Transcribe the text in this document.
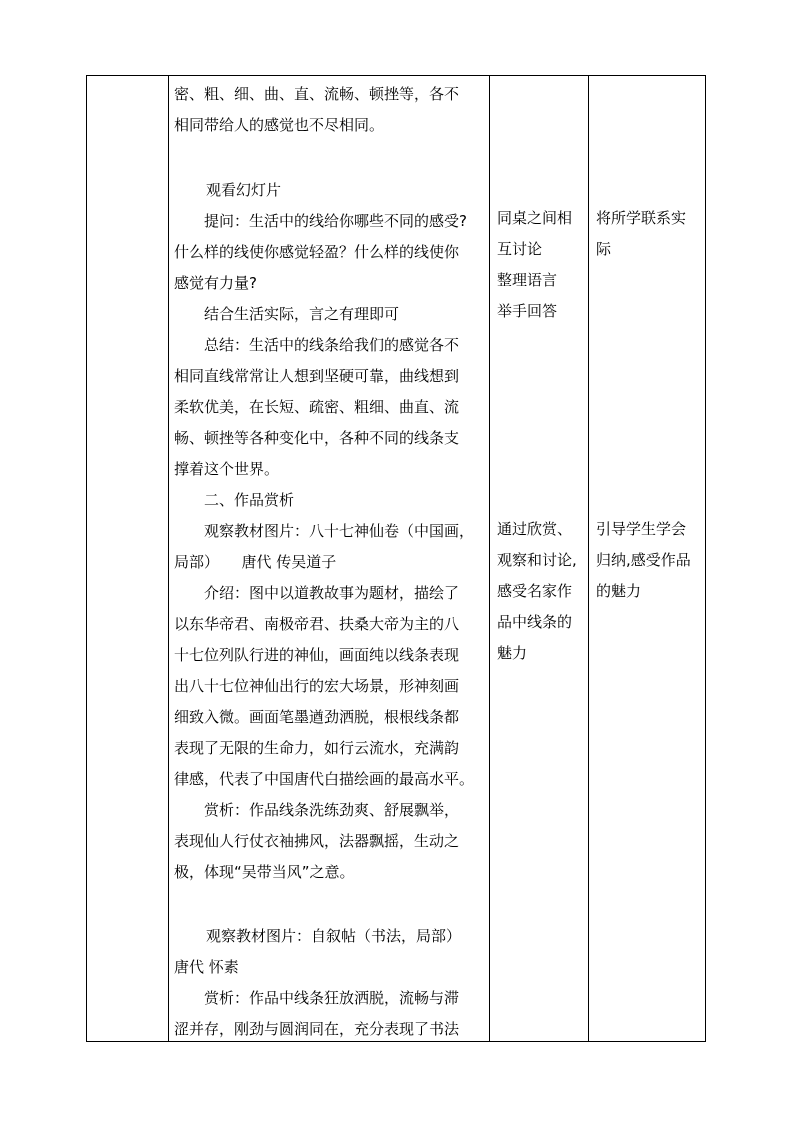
密、粗、细、曲、直、流畅、顿挫等，各不
相同带给人的感觉也不尽相同。
观看幻灯片
提问：生活中的线给你哪些不同的感受?
什么样的线使你感觉轻盈？什么样的线使你
感觉有力量?
结合生活实际，言之有理即可
总结：生活中的线条给我们的感觉各不
相同直线常常让人想到坚硬可靠，曲线想到
柔软优美，在长短、疏密、粗细、曲直、流
畅、顿挫等各种变化中，各种不同的线条支
撑着这个世界。
二、作品赏析
观察教材图片：八十七神仙卷（中国画，
局部）　　唐代 传吴道子
介绍：图中以道教故事为题材，描绘了
以东华帝君、南极帝君、扶桑大帝为主的八
十七位列队行进的神仙，画面纯以线条表现
出八十七位神仙出行的宏大场景，形神刻画
细致入微。画面笔墨遒劲洒脱，根根线条都
表现了无限的生命力，如行云流水，充满韵
律感，代表了中国唐代白描绘画的最高水平。
赏析：作品线条洗练劲爽、舒展飘举，
表现仙人行仗衣袖拂风，法器飘摇，生动之
极，体现“吴带当风”之意。
观察教材图片：自叙帖（书法，局部）
唐代 怀素
赏析：作品中线条狂放洒脱，流畅与滞
涩并存，刚劲与圆润同在，充分表现了书法
同桌之间相
互讨论
整理语言
举手回答
通过欣赏、
观察和讨论,
感受名家作
品中线条的
魅力
将所学联系实
际
引导学生学会
归纳,感受作品
的魅力
